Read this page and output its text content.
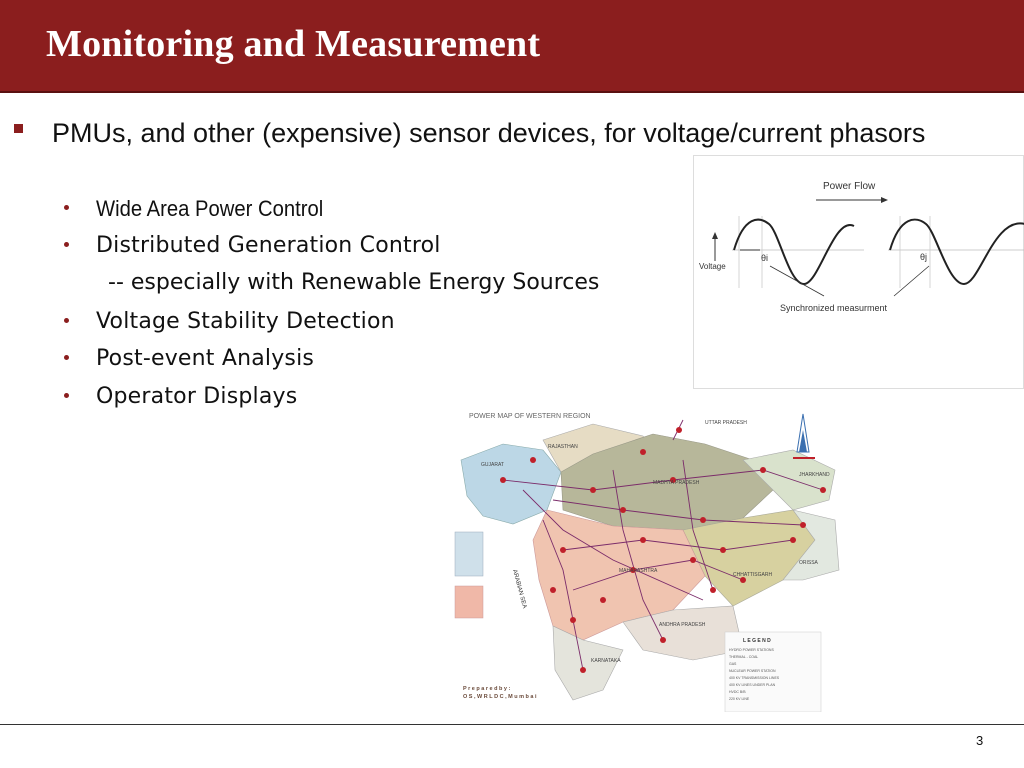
Monitoring and Measurement
PMUs, and other (expensive) sensor devices, for voltage/current phasors
Wide Area Power Control
Distributed Generation Control
-- especially with Renewable Energy Sources
Voltage Stability Detection
Post-event Analysis
Operator Displays
Power Flow
Voltage
θi	θj
Synchronized measurment
POWER MAP OF WESTERN REGION
UTTAR PRADESH
RAJASTHAN
GUJARAT
MADHYA PRADESH
JHARKHAND
ORISSA
CHHATTISGARH
MAHARASHTRA
ANDHRA PRADESH
KARNATAKA
ARABIAN SEA
L E G E N D
HYDRO POWER STATIONS
THERMAL - COAL
GAS
NUCLEAR POWER STATION
400 KV TRANSMISSION LINES
400 KV LINES UNDER PLAN
HVDC B/B
220 KV LINE
P r e p a r e d b y :
O S , W R L D C , M u m b a i
3
